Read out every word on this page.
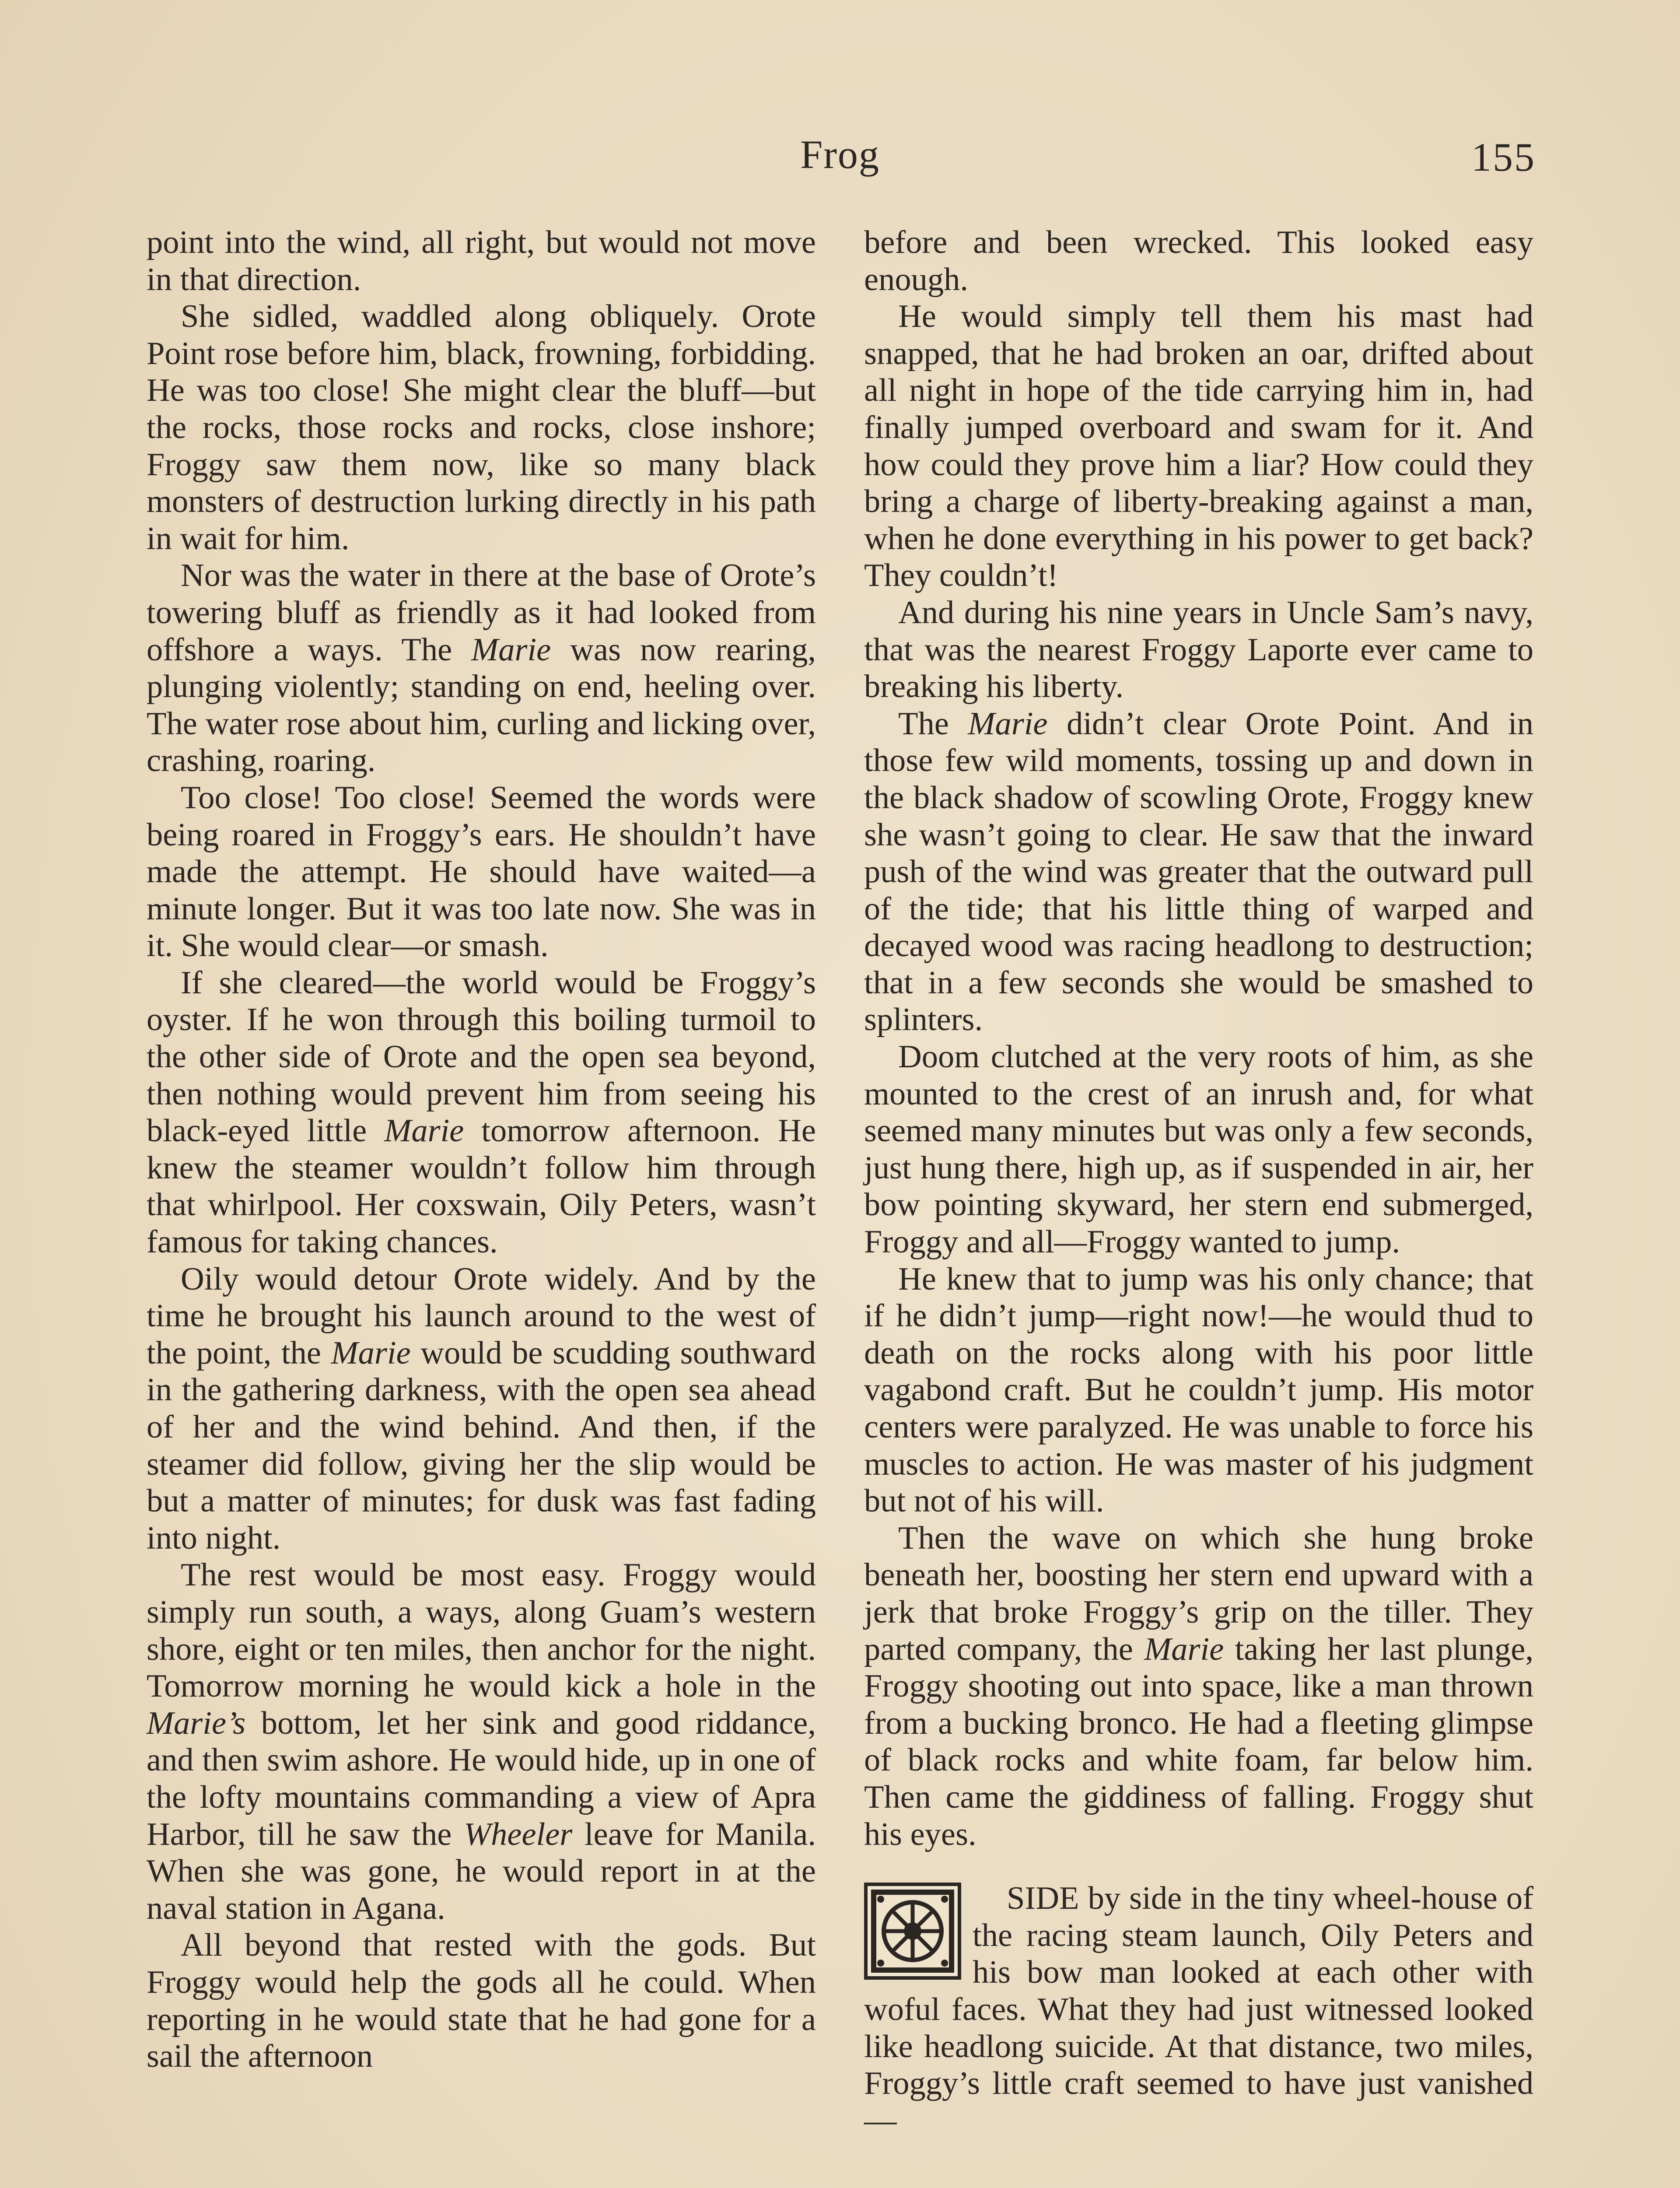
Frog	155

point into the wind, all right, but would not move in that direction.

She sidled, waddled along obliquely. Orote Point rose before him, black, frowning, forbidding. He was too close! She might clear the bluff—but the rocks, those rocks and rocks, close inshore; Froggy saw them now, like so many black monsters of destruction lurking directly in his path in wait for him.

Nor was the water in there at the base of Orote’s towering bluff as friendly as it had looked from offshore a ways. The Marie was now rearing, plunging violently; standing on end, heeling over. The water rose about him, curling and licking over, crashing, roaring.

Too close! Too close! Seemed the words were being roared in Froggy’s ears. He shouldn’t have made the attempt. He should have waited—a minute longer. But it was too late now. She was in it. She would clear—or smash.

If she cleared—the world would be Froggy’s oyster. If he won through this boiling turmoil to the other side of Orote and the open sea beyond, then nothing would prevent him from seeing his black-eyed little Marie tomorrow afternoon. He knew the steamer wouldn’t follow him through that whirlpool. Her coxswain, Oily Peters, wasn’t famous for taking chances.

Oily would detour Orote widely. And by the time he brought his launch around to the west of the point, the Marie would be scudding southward in the gathering darkness, with the open sea ahead of her and the wind behind. And then, if the steamer did follow, giving her the slip would be but a matter of minutes; for dusk was fast fading into night.

The rest would be most easy. Froggy would simply run south, a ways, along Guam’s western shore, eight or ten miles, then anchor for the night. Tomorrow morning he would kick a hole in the Marie’s bottom, let her sink and good riddance, and then swim ashore. He would hide, up in one of the lofty mountains commanding a view of Apra Harbor, till he saw the Wheeler leave for Manila. When she was gone, he would report in at the naval station in Agana.

All beyond that rested with the gods. But Froggy would help the gods all he could. When reporting in he would state that he had gone for a sail the afternoon

before and been wrecked. This looked easy enough.

He would simply tell them his mast had snapped, that he had broken an oar, drifted about all night in hope of the tide carrying him in, had finally jumped overboard and swam for it. And how could they prove him a liar? How could they bring a charge of liberty-breaking against a man, when he done everything in his power to get back? They couldn’t!

And during his nine years in Uncle Sam’s navy, that was the nearest Froggy Laporte ever came to breaking his liberty.

The Marie didn’t clear Orote Point. And in those few wild moments, tossing up and down in the black shadow of scowling Orote, Froggy knew she wasn’t going to clear. He saw that the inward push of the wind was greater that the outward pull of the tide; that his little thing of warped and decayed wood was racing headlong to destruction; that in a few seconds she would be smashed to splinters.

Doom clutched at the very roots of him, as she mounted to the crest of an inrush and, for what seemed many minutes but was only a few seconds, just hung there, high up, as if suspended in air, her bow pointing skyward, her stern end submerged, Froggy and all—Froggy wanted to jump.

He knew that to jump was his only chance; that if he didn’t jump—right now!—he would thud to death on the rocks along with his poor little vagabond craft. But he couldn’t jump. His motor centers were paralyzed. He was unable to force his muscles to action. He was master of his judgment but not of his will.

Then the wave on which she hung broke beneath her, boosting her stern end upward with a jerk that broke Froggy’s grip on the tiller. They parted company, the Marie taking her last plunge, Froggy shooting out into space, like a man thrown from a bucking bronco. He had a fleeting glimpse of black rocks and white foam, far below him. Then came the giddiness of falling. Froggy shut his eyes.

SIDE by side in the tiny wheel-house of the racing steam launch, Oily Peters and his bow man looked at each other with woful faces. What they had just witnessed looked like headlong suicide. At that distance, two miles, Froggy’s little craft seemed to have just vanished—
